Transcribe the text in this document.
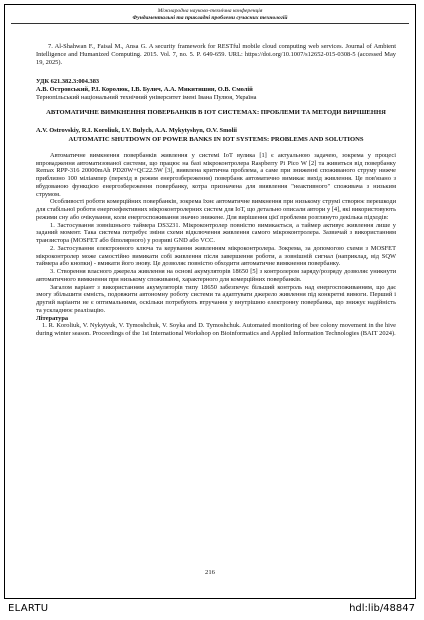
Міжнародна науково-технічна конференція
Фундаментальні та прикладні проблеми сучасних технологій

7. Al-Shahwan F., Faisal M., Ansa G. A security framework for RESTful mobile cloud computing web services. Journal of Ambient Intelligence and Humanized Computing. 2015. Vol. 7, no. 5. P. 649-659. URL: https://doi.org/10.1007/s12652-015-0308-5 (accessed May 19, 2025).

УДК 621.382.3:004.383

А.В. Островський, Р.І. Королюк, І.В. Булич, А.А. Микитишин, О.В. Смолій

Тернопільський національний технічний університет імені Івана Пулюя, Україна

АВТОМАТИЧНЕ ВИМКНЕННЯ ПОВЕРБАНКІВ В ІОТ СИСТЕМАХ: ПРОБЛЕМИ ТА МЕТОДИ ВИРІШЕННЯ

A.V. Ostrovskiy, R.I. Koroliuk, I.V. Bulych, A.A. Mykytyshyn, O.V. Smolii

AUTOMATIC SHUTDOWN OF POWER BANKS IN IOT SYSTEMS: PROBLEMS AND SOLUTIONS

Автоматичне вимкнення повербанків живлення у системі IoT вулика [1] є актуальною задачею, зокрема у процесі впровадження автоматизованої системи, що працює на базі мікроконтролера Raspberry Pi Pico W [2] та живиться від повербанку Remax RPP-316 20000mAh PD20W+QC22.5W [3], виявлена критична проблема, а саме при зниженні споживаного струму нижче приблизно 100 міліампер (перехід в режим енергозбереження) повербанк автоматично вимикає вихід живлення. Це пов'язано з вбудованою функцією енергозбереження повербанку, котра призначена для виявлення "неактивного" споживача з низьким струмом.

Особливості роботи комерційних повербанків, зокрема їхнє автоматичне вимкнення при низькому струмі створює перешкоди для стабільної роботи енергоефективних мікроконтролерних систем для IoT, що детально описали автори у [4], які використовують режими сну або очікування, коли енергоспоживання значно знижене. Для вирішення цієї проблеми розглянуто декілька підходів:

1. Застосування зовнішнього таймера DS3231. Мікроконтролер повністю вимикається, а таймер активує живлення лише у заданий момент. Така система потребує зміни схеми відключення живлення самого мікроконтролера. Зазвичай з використанням транзистора (MOSFET або біполярного) у розриві GND або VCC.

2. Застосування електронного ключа та керування живленням мікроконтролера. Зокрема, за допомогою схеми з MOSFET мікроконтролер може самостійно вимикати собі живлення після завершення роботи, а зовнішній сигнал (наприклад, від SQW таймера або кнопки) - вмикати його знову. Це дозволяє повністю обходити автоматичне вимкнення повербанку.

3. Створення власного джерела живлення на основі акумуляторів 18650 [5] з контролером заряду/розряду дозволяє уникнути автоматичного вимкнення при низькому споживанні, характерного для комерційних повербанків.

Загалом варіант з використанням акумуляторів типу 18650 забезпечує більший контроль над енергоспоживанням, що дає змогу збільшити ємність, подовжити автономну роботу системи та адаптувати джерело живлення під конкретні вимоги. Перший і другий варіанти не є оптимальними, оскільки потребують втручання у внутрішню електронну повербанка, що знижує надійність та ускладнює реалізацію.

Література

1. R. Koroliuk, V. Nykytyuk, V. Tymoshchuk, V. Soyka and D. Tymoshchuk. Automated monitoring of bee colony movement in the hive during winter season. Proceedings of the 1st International Workshop on Bioinformatics and Applied Information Technologies (BAIT 2024).

216
ELARTU	hdl:lib/48847
